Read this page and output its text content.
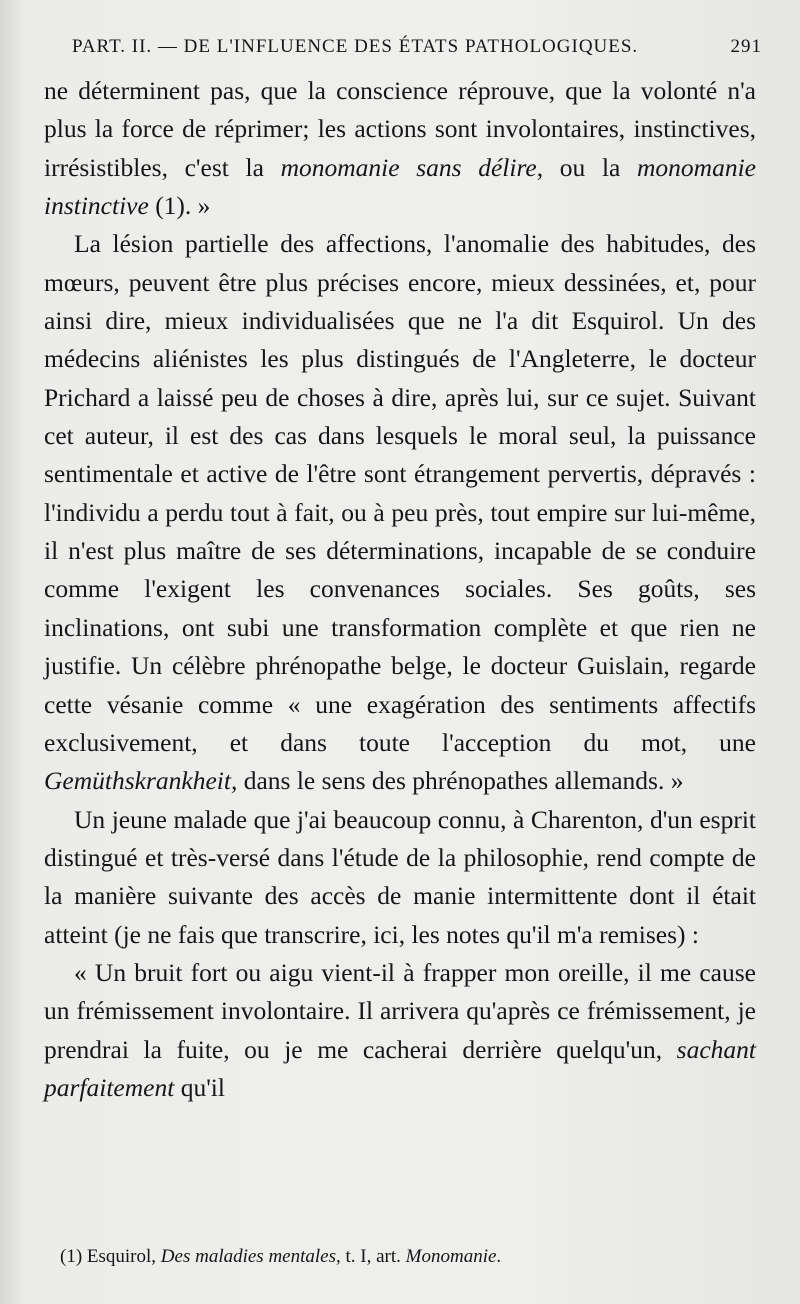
PART. II. — DE L'INFLUENCE DES ÉTATS PATHOLOGIQUES.	291

ne déterminent pas, que la conscience réprouve, que la volonté n'a plus la force de réprimer; les actions sont involontaires, instinctives, irrésistibles, c'est la monomanie sans délire, ou la monomanie instinctive (1). »

La lésion partielle des affections, l'anomalie des habitudes, des mœurs, peuvent être plus précises encore, mieux dessinées, et, pour ainsi dire, mieux individualisées que ne l'a dit Esquirol. Un des médecins aliénistes les plus distingués de l'Angleterre, le docteur Prichard a laissé peu de choses à dire, après lui, sur ce sujet. Suivant cet auteur, il est des cas dans lesquels le moral seul, la puissance sentimentale et active de l'être sont étrangement pervertis, dépravés : l'individu a perdu tout à fait, ou à peu près, tout empire sur lui-même, il n'est plus maître de ses déterminations, incapable de se conduire comme l'exigent les convenances sociales. Ses goûts, ses inclinations, ont subi une transformation complète et que rien ne justifie. Un célèbre phrénopathe belge, le docteur Guislain, regarde cette vésanie comme « une exagération des sentiments affectifs exclusivement, et dans toute l'acception du mot, une Gemüthskrankheit, dans le sens des phrénopathes allemands. »

Un jeune malade que j'ai beaucoup connu, à Charenton, d'un esprit distingué et très-versé dans l'étude de la philosophie, rend compte de la manière suivante des accès de manie intermittente dont il était atteint (je ne fais que transcrire, ici, les notes qu'il m'a remises) :

« Un bruit fort ou aigu vient-il à frapper mon oreille, il me cause un frémissement involontaire. Il arrivera qu'après ce frémissement, je prendrai la fuite, ou je me cacherai derrière quelqu'un, sachant parfaitement qu'il

(1) Esquirol, Des maladies mentales, t. I, art. Monomanie.
